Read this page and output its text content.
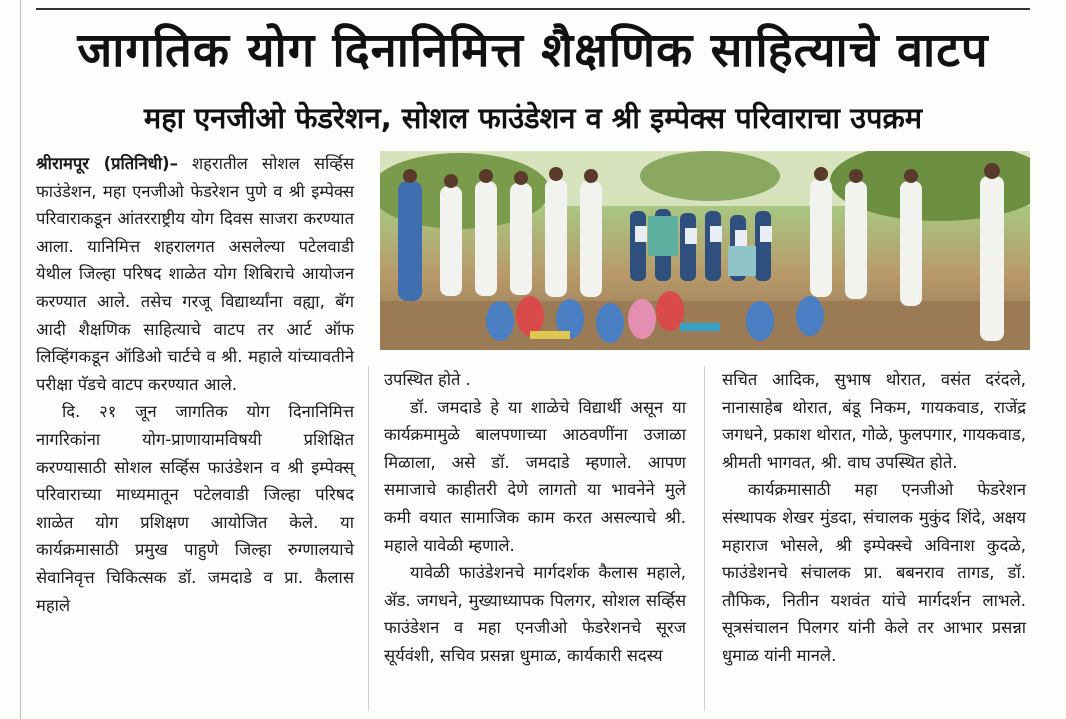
जागतिक योग दिनानिमित्त शैक्षणिक साहित्याचे वाटप
महा एनजीओ फेडरेशन, सोशल फाउंडेशन व श्री इम्पेक्स परिवाराचा उपक्रम

श्रीरामपूर (प्रतिनिधी)– शहरातील सोशल सर्व्हिस फाउंडेशन, महा एनजीओ फेडरेशन पुणे व श्री इम्पेक्स परिवाराकडून आंतरराष्ट्रीय योग दिवस साजरा करण्यात आला. यानिमित्त शहरालगत असलेल्या पटेलवाडी येथील जिल्हा परिषद शाळेत योग शिबिराचे आयोजन करण्यात आले. तसेच गरजू विद्यार्थ्यांना वह्या, बॅग आदी शैक्षणिक साहित्याचे वाटप तर आर्ट ऑफ लिव्हिंगकडून ऑडिओ चार्टचे व श्री. महाले यांच्यावतीने परीक्षा पॅडचे वाटप करण्यात आले.

दि. २१ जून जागतिक योग दिनानिमित्त नागरिकांना योग-प्राणायामविषयी प्रशिक्षित करण्यासाठी सोशल सर्व्हिस फाउंडेशन व श्री इम्पेक्स् परिवाराच्या माध्यमातून पटेलवाडी जिल्हा परिषद शाळेत योग प्रशिक्षण आयोजित केले. या कार्यक्रमासाठी प्रमुख पाहुणे जिल्हा रुग्णालयाचे सेवानिवृत्त चिकित्सक डॉ. जमदाडे व प्रा. कैलास महाले

उपस्थित होते .

डॉ. जमदाडे हे या शाळेचे विद्यार्थी असून या कार्यक्रमामुळे बालपणाच्या आठवणींना उजाळा मिळाला, असे डॉ. जमदाडे म्हणाले. आपण समाजाचे काहीतरी देणे लागतो या भावनेने मुले कमी वयात सामाजिक काम करत असल्याचे श्री. महाले यावेळी म्हणाले.

यावेळी फाउंडेशनचे मार्गदर्शक कैलास महाले, ॲड. जगधने, मुख्याध्यापक पिलगर, सोशल सर्व्हिस फाउंडेशन व महा एनजीओ फेडरेशनचे सूरज सूर्यवंशी, सचिव प्रसन्ना धुमाळ, कार्यकारी सदस्य

सचित आदिक, सुभाष थोरात, वसंत दरंदले, नानासाहेब थोरात, बंडू निकम, गायकवाड, राजेंद्र जगधने, प्रकाश थोरात, गोळे, फुलपगार, गायकवाड, श्रीमती भागवत, श्री. वाघ उपस्थित होते.

कार्यक्रमासाठी महा एनजीओ फेडरेशन संस्थापक शेखर मुंडदा, संचालक मुकुंद शिंदे, अक्षय महाराज भोसले, श्री इम्पेक्स्चे अविनाश कुदळे, फाउंडेशनचे संचालक प्रा. बबनराव तागड, डॉ. तौफिक, नितीन यशवंत यांचे मार्गदर्शन लाभले. सूत्रसंचालन पिलगर यांनी केले तर आभार प्रसन्ना धुमाळ यांनी मानले.
